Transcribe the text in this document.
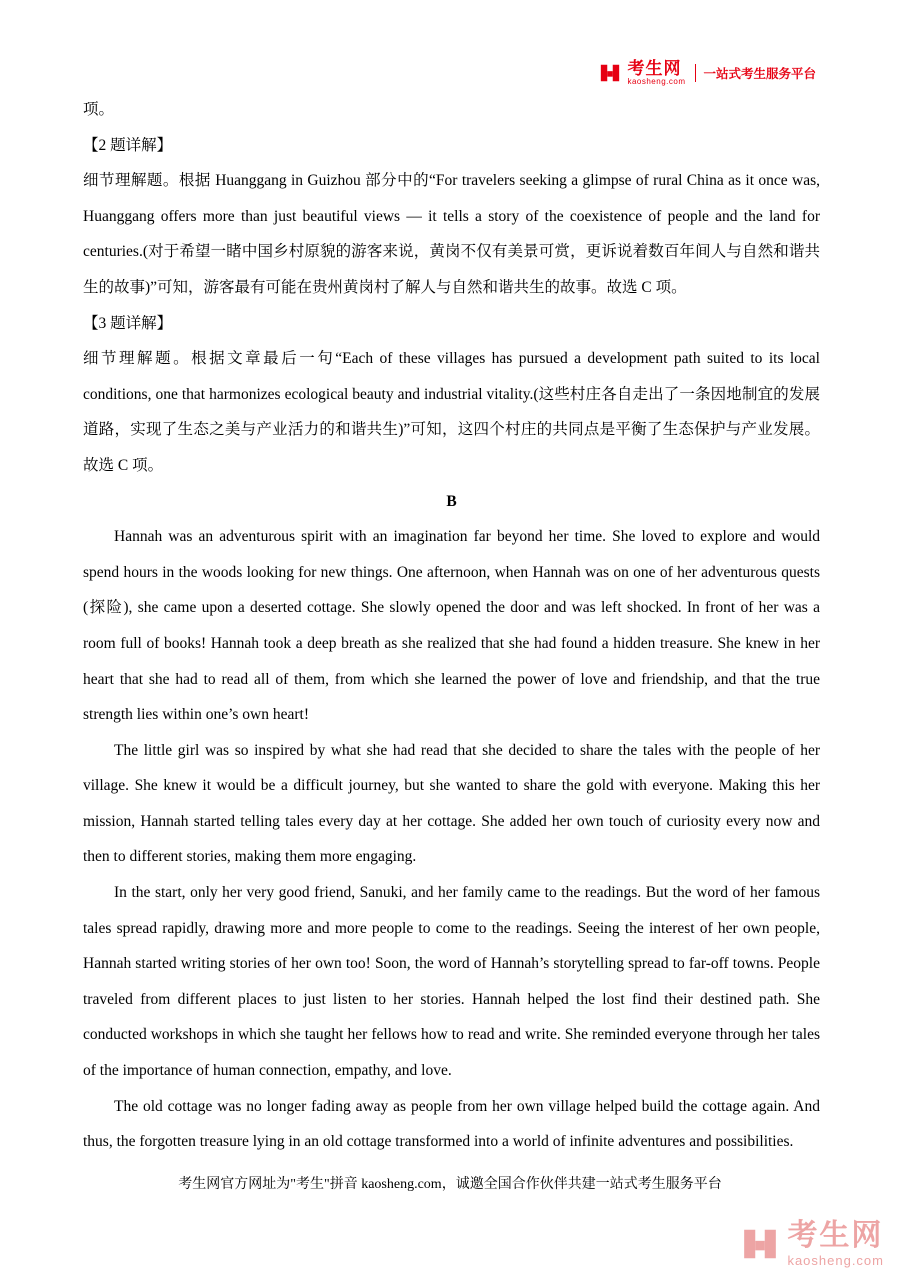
考生网
kaosheng.com
一站式考生服务平台

项。

【2 题详解】

细节理解题。根据 Huanggang in Guizhou 部分中的“For travelers seeking a glimpse of rural China as it once was, Huanggang offers more than just beautiful views — it tells a story of the coexistence of people and the land for centuries.(对于希望一睹中国乡村原貌的游客来说，黄岗不仅有美景可赏，更诉说着数百年间人与自然和谐共生的故事)”可知，游客最有可能在贵州黄岗村了解人与自然和谐共生的故事。故选 C 项。

【3 题详解】

细节理解题。根据文章最后一句“Each of these villages has pursued a development path suited to its local conditions, one that harmonizes ecological beauty and industrial vitality.(这些村庄各自走出了一条因地制宜的发展道路，实现了生态之美与产业活力的和谐共生)”可知，这四个村庄的共同点是平衡了生态保护与产业发展。故选 C 项。

B

Hannah was an adventurous spirit with an imagination far beyond her time. She loved to explore and would spend hours in the woods looking for new things. One afternoon, when Hannah was on one of her adventurous quests (探险), she came upon a deserted cottage. She slowly opened the door and was left shocked. In front of her was a room full of books! Hannah took a deep breath as she realized that she had found a hidden treasure. She knew in her heart that she had to read all of them, from which she learned the power of love and friendship, and that the true strength lies within one’s own heart!

The little girl was so inspired by what she had read that she decided to share the tales with the people of her village. She knew it would be a difficult journey, but she wanted to share the gold with everyone. Making this her mission, Hannah started telling tales every day at her cottage. She added her own touch of curiosity every now and then to different stories, making them more engaging.

In the start, only her very good friend, Sanuki, and her family came to the readings. But the word of her famous tales spread rapidly, drawing more and more people to come to the readings. Seeing the interest of her own people, Hannah started writing stories of her own too! Soon, the word of Hannah’s storytelling spread to far-off towns. People traveled from different places to just listen to her stories. Hannah helped the lost find their destined path. She conducted workshops in which she taught her fellows how to read and write. She reminded everyone through her tales of the importance of human connection, empathy, and love.

The old cottage was no longer fading away as people from her own village helped build the cottage again. And thus, the forgotten treasure lying in an old cottage transformed into a world of infinite adventures and possibilities.

考生网官方网址为"考生"拼音 kaosheng.com，诚邀全国合作伙伴共建一站式考生服务平台
考生网
kaosheng.com
